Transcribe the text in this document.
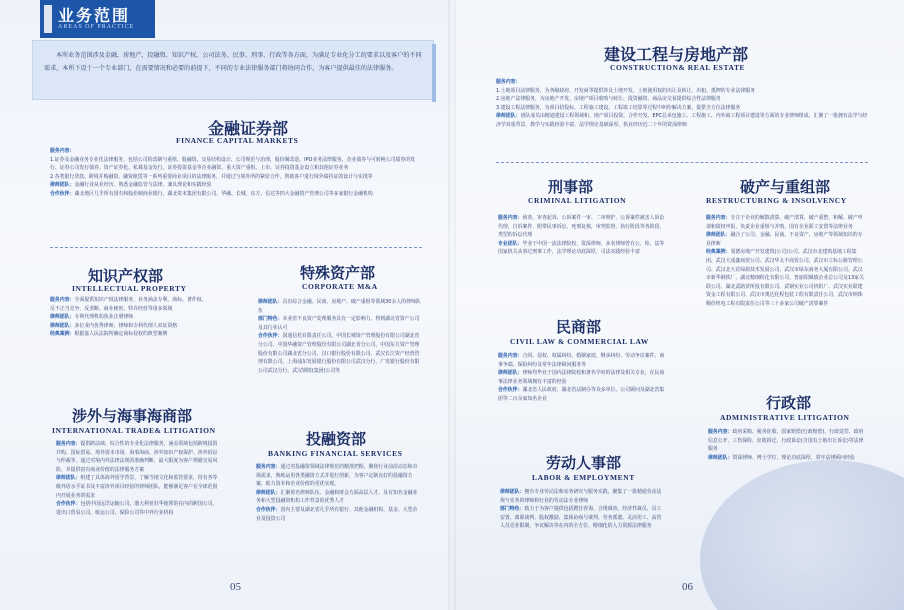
业务范围
AREAS OF PRACTICE
本所业务范围涉及金融、房地产、投融资、知识产权、公司法务、民事、刑事、行政等各方面，为满足专业化分工的要求以及客户的不同需求，本所下设十一个专业部门，在需要情况和必要的前提下，不同的专业法律服务部门将协同合作，为客户提供最佳的法律服务。
金融证券部
FINANCE CAPITAL MARKETS

服务内容：

1.证券及金融业务专业化法律服务，包括公司的改制与重组、股融资、交易结构设计、公司规范与治理、股份制改造、IPO业务法律服务、企业债券与可转换公司债券的发行、证券公司发行债券、资产证券化、私募基金发行、证券投资基金等企业融资、重大资产重组、上市、证券投资基金设立和其他证券业务

2.各类银行贷款、跨境并购融资、融资租赁等一系列重要商业项目的法律服务，并通过与境外所的紧密合作，帮助客户进行境外债持证的设计与实现等

律师团队：金融行业从业经历、熟悉金融监管与法律、兼具理论和实践经验

合作伙伴：湖北地区几乎所有国有和股份制商业银行、湖北资本集团有限公司、华融、长城、东方、信达等四大金融资产管理公司等多家银行金融机构

知识产权部
INTELLECTUAL PROPERTY

服务内容：全面提供知识产权法律服务，业务涵盖专利、商标、著作权、反不正当竞争、反垄断、商业秘密、特许经营等诸多领域

律师团队：专利代理机构执业注册律师

律师团队：多位业内优秀律师，律师和专利代理人双证资格

经典案例：根据嘉人民法院所确定商标侵权的典型案例

特殊资产部
CORPORATE M&A

律师团队：具有综合金融、民商、房地产、破产重组等领域30余人的律师队伍

部门特色：本业省不良资产处理服务具有一定影响力，得到湖北省资产公司及其行业认可

合作伙伴：国通信托有限责任公司、中国长城资产管理股份有限公司湖北省分公司、中国华融资产管理股份有限公司湖北省分公司、中国东方资产管理股份有限公司湖北省分公司、汉口银行股份有限公司、武汉长江资产经营管理有限公司、上海浦东发展银行股份有限公司武汉分行、广发银行股份有限公司武汉分行、武汉钢铁(集团)公司等

涉外与海事海商部
INTERNATIONAL TRADE& LITIGATION

服务内容：提供跨法域、综合性的专业化法律服务，涵盖领域包括跨境投资并购、国际贸易、境外资本市场、海事海商、涉外知识产权保护、涉外诉讼与仲裁等，通过对境内外法律法规的准确判断，最大限度为客户规避交易风险，并提供富有商业价值的法律服务方案

律师团队：组建了具体海外留学背景，了解当地文化和监管要求，持有各等级外语水平证书及丰富涉外项目经验的律师团队，能够满足客户在全球范围内开展业务的需求

合作伙伴：包括中国远洋运输公司、渤大利亚驻华使领馆在内的跨国公司、进出口贸易公司、航运公司、保险公司等中外行业机构

投融资部
BANKING FINANCIAL SERVICES

服务内容：通过对投融资领域法律规范的精准把握，聚焦行业前沿动态和市场需求，熟练运用各类融资方式并进行创新，为客户定制良好的投融资方案，助力资本和企业价值的更优实现。

律师团队：汇聚着名律师队伍、金融和财会方面高层人才，及有知名金融业务和大型投融资机构工作背景的优秀人才

合作伙伴：国内主要及湖北省几乎所有银行、其他金融机构、基金、大型企业及投资公司

05
建设工程与房地产部
CONSTRUCTION& REAL ESTATE

服务内容：

1.土地项目法律服务，为各级政府、开发商等提供涉及土地开发、土地使用权的出让及转让、出租、抵押的专业法律服务

2.房地产法律服务，为房地产开发、房地产项目收购与转让、投资融资、商品房交易提供综合性法律服务

3.建设工程法律服务，为项目招投标、工程施工建设、工程竣工结算等过程中纠纷解决方案，提供全方位法律服务

律师团队：团队成员由精通建设工程领域和、地产项目投资、合作开发、EPC总承包施工、工程施工、内外商工程项目建设等方面的专业律师组成，汇聚了一批拥有法学与经济学双重背景，教学与实践经验丰富，法学理论基础深厚，执业经历近二十年的资深律师

刑事部
CRIMINAL LITIGATION

服务内容：侦查、审查起诉、公诉案件一审、二审辩护，公诉案件被害人诉讼代理，自诉案件，附带民事诉讼，死刑复核，审判监督、执行阶段等各阶段，类型的诉讼代理

专业团队：毕业于中国一流法律院校，资深律师，多名律师曾在公、检、法等国家机关从事过刑事工作，法学理论功底深厚，司法实践经验丰富

破产与重组部
RESTRUCTURING & INSOLVENCY

服务内容：专注于企业的解散清算、破产清算、破产重整、和解、破产申请和债权申报，负责企业重组与并购，国有企业职工安置等法律业务

律师团队：融合了公司、金融、民商、不良资产、房地产等领域知识的专业律师

经典案例：曼德房地产开发建筑(公司)公司、武汉市北建筑基地工程集团、武汉大成鑫商贸公司、武汉华太丰商贸公司、武汉市立标公路管理公司、武汉北大荒绿源技术发展公司、武汉市绿东商务大厦有限公司、武汉市新华钢铁厂、湖北精细程化有限公司、普丽阳佩镇企业总公司及13家关联公司、湖北武路贸所投有限公司、武钢实业公司机组厂、武汉实业联建资金工程有限公司、武汉市奥达化程包装工程有限责任公司、武汉市纳珠顺份机电工程有限责任公司等三十多家公司破产清算案件

民商部
CIVIL LAW & COMMERCIAL LAW

服务内容：合同、侵权、权属纠纷、婚姻家庭、继承纠纷、劳动争议案件、商事争端、保险纠纷及常年法律顾问服务等

律师团队：律师均毕业于国内法律院校和著名学府的法律及相关专业，在民商事法律业务领域拥有丰富的经验

合作伙伴：湖北省人民政府、湖北省法制办等众多单位、公司顾问及湖北省集团等二百余家知名企业

劳动人事部
LABOR & EMPLOYMENT

律师团队：拥有专业劳动法和实务研究与服务实践，聚集了一批精通劳动法规与实务的律师和行业的劳动法专业律师

部门特色：致力于为客户提供包括聘任咨询、合规调查、经济性裁员、员工安置、离职谈判、股权激励、集体协商与谈判、劳务派遣、灵活用工、高管人员竞业限制、争议解决等在内的全方位、精细化的人力资源法律服务

行政部
ADMINISTRATIVE LITIGATION

服务内容：政府采购、税务征收、国家赔偿(行政赔偿)、行政处罚、政府信息公开、工伤保险、征收拆迁、行政诉讼(含国有土地出让诉讼)等法律服务

律师团队：资深律师、博士学位，理论功底深厚，常年法律顾问经验

06
